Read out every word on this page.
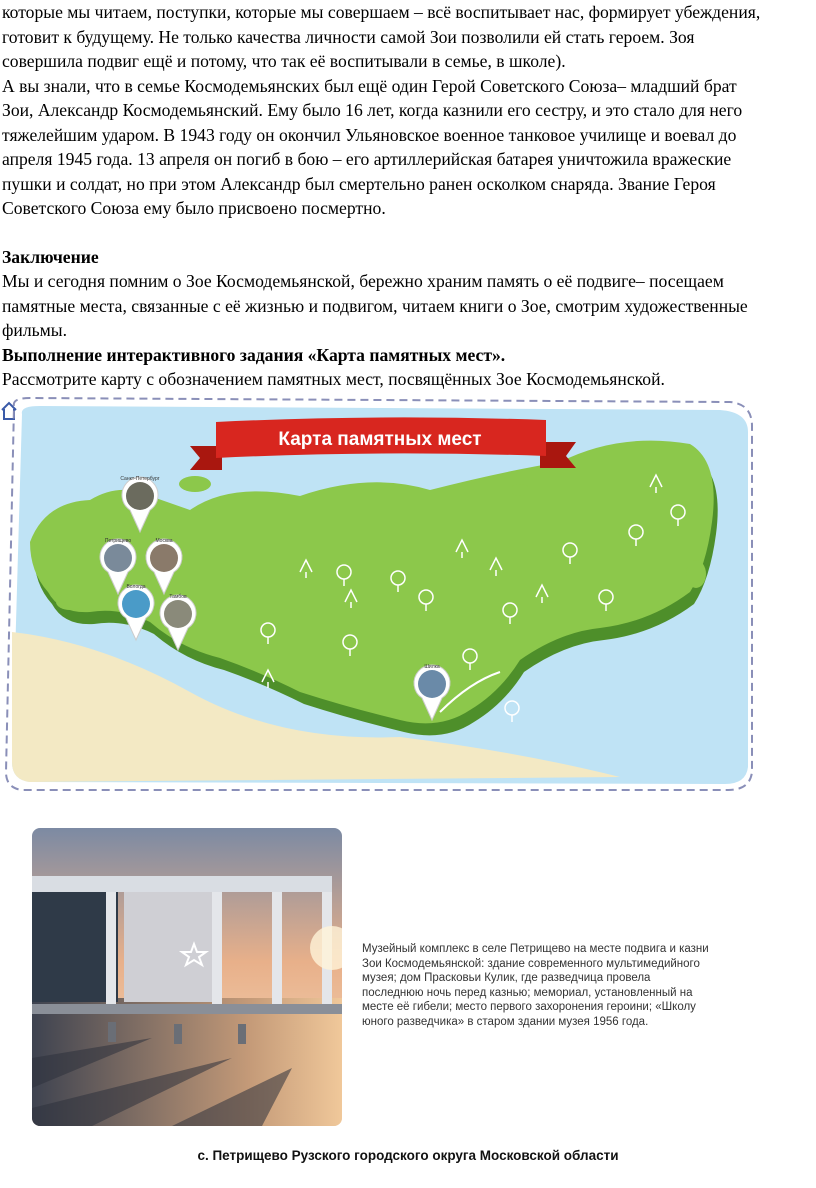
которые мы читаем, поступки, которые мы совершаем – всё воспитывает нас, формирует убеждения,
готовит к будущему. Не только качества личности самой Зои позволили ей стать героем. Зоя
совершила подвиг ещё и потому, что так её воспитывали в семье, в школе).

А вы знали, что в семье Космодемьянских был ещё один Герой Советского Союза– младший брат
Зои, Александр Космодемьянский. Ему было 16 лет, когда казнили его сестру, и это стало для него
тяжелейшим ударом. В 1943 году он окончил Ульяновское военное танковое училище и воевал до
апреля 1945 года. 13 апреля он погиб в бою – его артиллерийская батарея уничтожила вражеские
пушки и солдат, но при этом Александр был смертельно ранен осколком снаряда. Звание Героя
Советского Союза ему было присвоено посмертно.

Заключение

Мы и сегодня помним о Зое Космодемьянской, бережно храним память о её подвиге– посещаем
памятные места, связанные с её жизнью и подвигом, читаем книги о Зое, смотрим художественные
фильмы.

Выполнение интерактивного задания «Карта памятных мест».

Рассмотрите карту с обозначением памятных мест, посвящённых Зое Космодемьянской.

Карта памятных мест
Санкт-Петербург
Петрищево	Москва
Вологда
Тамбов
Шилка
Музейный комплекс в селе Петрищево на месте подвига и казни
Зои Космодемьянской: здание современного мультимедийного
музея; дом Прасковьи Кулик, где разведчица провела
последнюю ночь перед казнью; мемориал, установленный на
месте её гибели; место первого захоронения героини; «Школу
юного разведчика» в старом здании музея 1956 года.
с. Петрищево Рузского городского округа Московской области
